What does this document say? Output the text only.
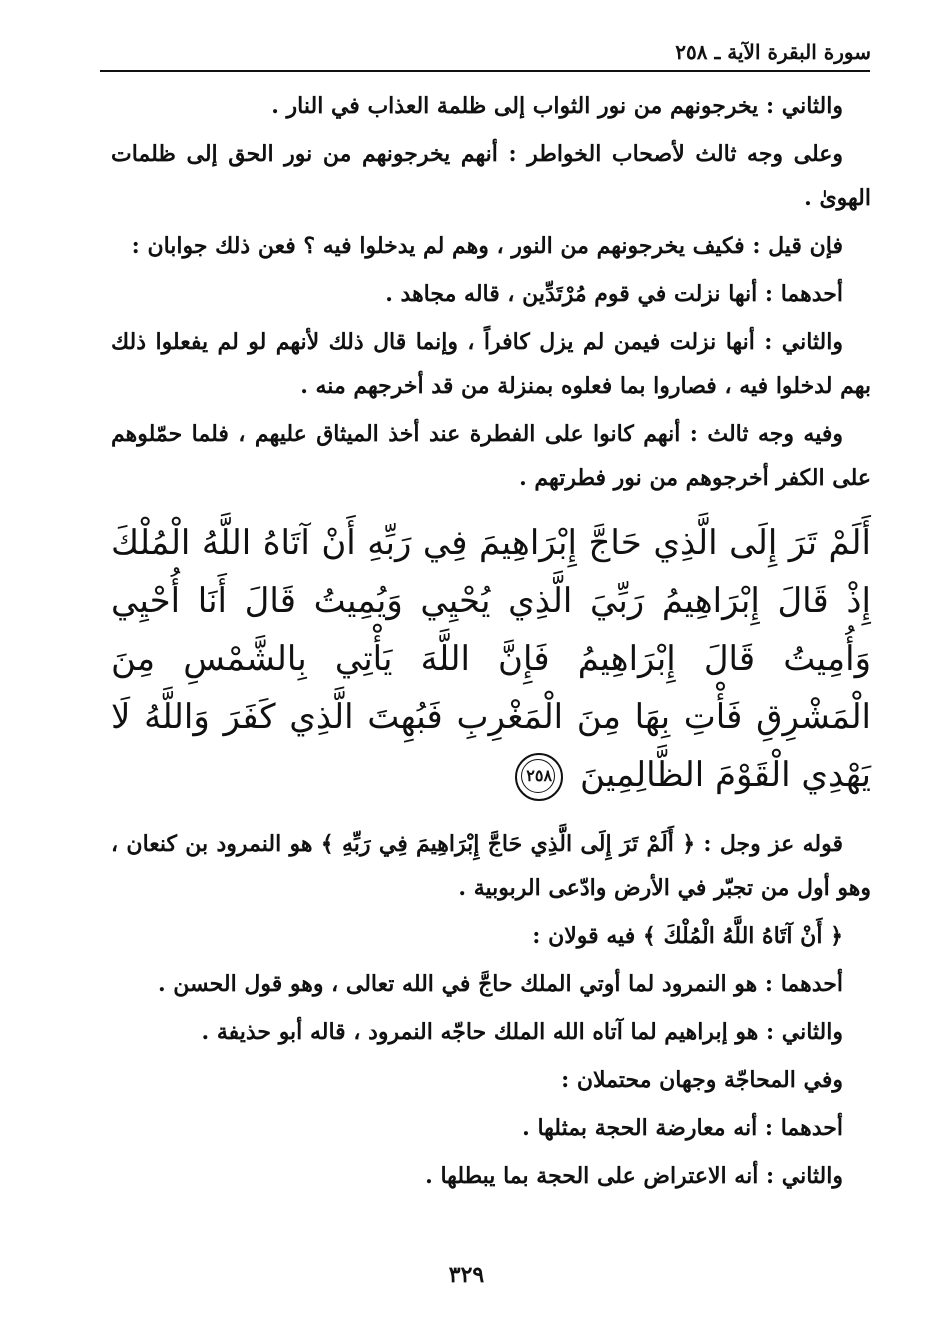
سورة البقرة الآية ـ ٢٥٨

والثاني : يخرجونهم من نور الثواب إلى ظلمة العذاب في النار .

وعلى وجه ثالث لأصحاب الخواطر : أنهم يخرجونهم من نور الحق إلى ظلمات الهوىٰ .

فإن قيل : فكيف يخرجونهم من النور ، وهم لم يدخلوا فيه ؟ فعن ذلك جوابان :

أحدهما : أنها نزلت في قوم مُرْتَدِّين ، قاله مجاهد .

والثاني : أنها نزلت فيمن لم يزل كافراً ، وإنما قال ذلك لأنهم لو لم يفعلوا ذلك بهم لدخلوا فيه ، فصاروا بما فعلوه بمنزلة من قد أخرجهم منه .

وفيه وجه ثالث : أنهم كانوا على الفطرة عند أخذ الميثاق عليهم ، فلما حمّلوهم على الكفر أخرجوهم من نور فطرتهم .

أَلَمْ تَرَ إِلَى الَّذِي حَاجَّ إِبْرَاهِيمَ فِي رَبِّهِ أَنْ آتَاهُ اللَّهُ الْمُلْكَ إِذْ قَالَ إِبْرَاهِيمُ رَبِّيَ الَّذِي يُحْيِي وَيُمِيتُ قَالَ أَنَا أُحْيِي وَأُمِيتُ قَالَ إِبْرَاهِيمُ فَإِنَّ اللَّهَ يَأْتِي بِالشَّمْسِ مِنَ الْمَشْرِقِ فَأْتِ بِهَا مِنَ الْمَغْرِبِ فَبُهِتَ الَّذِي كَفَرَ وَاللَّهُ لَا يَهْدِي الْقَوْمَ الظَّالِمِينَ ٢٥٨

قوله عز وجل : ﴿ أَلَمْ تَرَ إِلَى الَّذِي حَاجَّ إِبْرَاهِيمَ فِي رَبِّهِ ﴾ هو النمرود بن كنعان ، وهو أول من تجبّر في الأرض وادّعى الربوبية .

﴿ أَنْ آتَاهُ اللَّهُ الْمُلْكَ ﴾ فيه قولان :

أحدهما : هو النمرود لما أوتي الملك حاجَّ في الله تعالى ، وهو قول الحسن .

والثاني : هو إبراهيم لما آتاه الله الملك حاجّه النمرود ، قاله أبو حذيفة .

وفي المحاجّة وجهان محتملان :

أحدهما : أنه معارضة الحجة بمثلها .

والثاني : أنه الاعتراض على الحجة بما يبطلها .

٣٢٩
